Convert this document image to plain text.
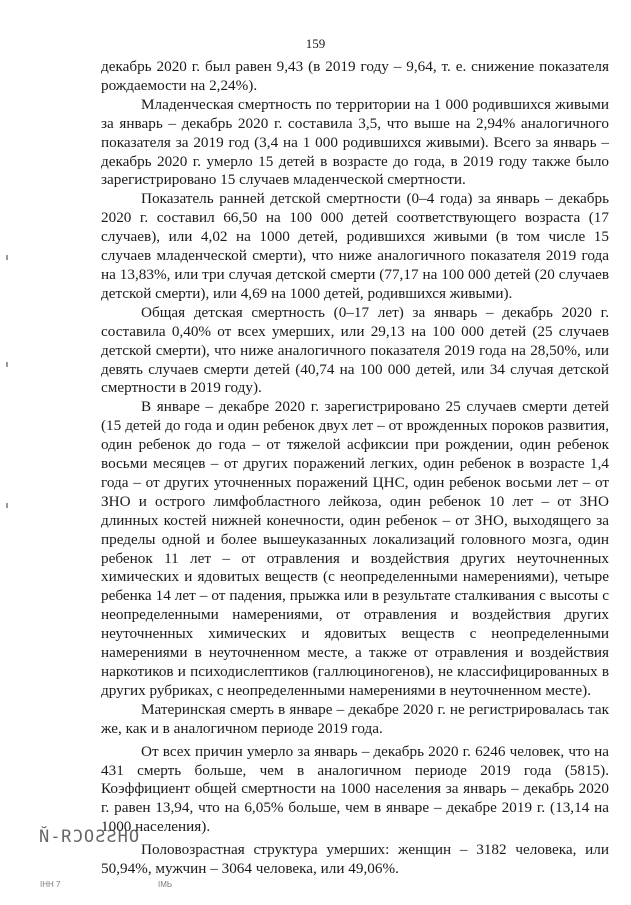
159

декабрь 2020 г. был равен 9,43 (в 2019 году – 9,64, т. е. снижение показателя рождаемости на 2,24%).

Младенческая смертность по территории на 1 000 родившихся живыми за январь – декабрь 2020 г. составила 3,5, что выше на 2,94% аналогичного показателя за 2019 год (3,4 на 1 000 родившихся живыми). Всего за январь – декабрь 2020 г. умерло 15 детей в возрасте до года, в 2019 году также было зарегистрировано 15 случаев младенческой смертности.

Показатель ранней детской смертности (0–4 года) за январь – декабрь 2020 г. составил 66,50 на 100 000 детей соответствующего возраста (17 случаев), или 4,02 на 1000 детей, родившихся живыми (в том числе 15 случаев младенческой смерти), что ниже аналогичного показателя 2019 года на 13,83%, или три случая детской смерти (77,17 на 100 000 детей (20 случаев детской смерти), или 4,69 на 1000 детей, родившихся живыми).

Общая детская смертность (0–17 лет) за январь – декабрь 2020 г. составила 0,40% от всех умерших, или 29,13 на 100 000 детей (25 случаев детской смерти), что ниже аналогичного показателя 2019 года на 28,50%, или девять случаев смерти детей (40,74 на 100 000 детей, или 34 случая детской смертности в 2019 году).

В январе – декабре 2020 г. зарегистрировано 25 случаев смерти детей (15 детей до года и один ребенок двух лет – от врожденных пороков развития, один ребенок до года – от тяжелой асфиксии при рождении, один ребенок восьми месяцев – от других поражений легких, один ребенок в возрасте 1,4 года – от других уточненных поражений ЦНС, один ребенок восьми лет – от ЗНО и острого лимфобластного лейкоза, один ребенок 10 лет – от ЗНО длинных костей нижней конечности, один ребенок – от ЗНО, выходящего за пределы одной и более вышеуказанных локализаций головного мозга, один ребенок 11 лет – от отравления и воздействия других неуточненных химических и ядовитых веществ (с неопределенными намерениями), четыре ребенка 14 лет – от падения, прыжка или в результате сталкивания с высоты с неопределенными намерениями, от отравления и воздействия других неуточненных химических и ядовитых веществ с неопределенными намерениями в неуточненном месте, а также от отравления и воздействия наркотиков и психодислептиков (галлюциногенов), не классифицированных в других рубриках, с неопределенными намерениями в неуточненном месте).

Материнская смерть в январе – декабре 2020 г. не регистрировалась так же, как и в аналогичном периоде 2019 года.

От всех причин умерло за январь – декабрь 2020 г. 6246 человек, что на 431 смерть больше, чем в аналогичном периоде 2019 года (5815). Коэффициент общей смертности на 1000 населения за январь – декабрь 2020 г. равен 13,94, что на 6,05% больше, чем в январе – декабре 2019 г. (13,14 на 1000 населения).

Половозрастная структура умерших: женщин – 3182 человека, или 50,94%, мужчин – 3064 человека, или 49,06%.

ОНЅЅОСЯ-Й
ІНН 7	ІМЬ
